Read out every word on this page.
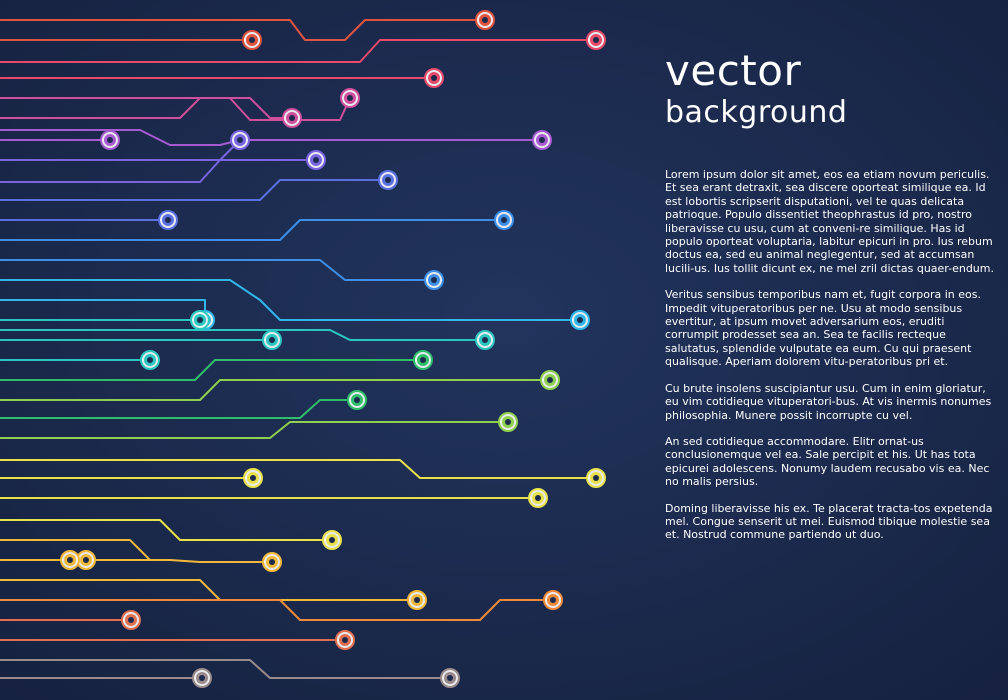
vector
background

Lorem ipsum dolor sit amet, eos ea etiam novum periculis. Et sea erant detraxit, sea discere oporteat similique ea. Id est lobortis scripserit disputationi, vel te quas delicata patrioque. Populo dissentiet theophrastus id pro, nostro liberavisse cu usu, cum at conveni-re similique. Has id populo oporteat voluptaria, labitur epicuri in pro. Ius rebum doctus ea, sed eu animal neglegentur, sed at accumsan lucili-us. Ius tollit dicunt ex, ne mel zril dictas quaer-endum.

Veritus sensibus temporibus nam et, fugit corpora in eos. Impedit vituperatoribus per ne. Usu at modo sensibus evertitur, at ipsum movet adversarium eos, eruditi corrumpit prodesset sea an. Sea te facilis recteque salutatus, splendide vulputate ea eum. Cu qui praesent qualisque. Aperiam dolorem vitu-peratoribus pri et.

Cu brute insolens suscipiantur usu. Cum in enim gloriatur, eu vim cotidieque vituperatori-bus. At vis inermis nonumes philosophia. Munere possit incorrupte cu vel.

An sed cotidieque accommodare. Elitr ornat-us conclusionemque vel ea. Sale percipit et his. Ut has tota epicurei adolescens. Nonumy laudem recusabo vis ea. Nec no malis persius.

Doming liberavisse his ex. Te placerat tracta-tos expetenda mel. Congue senserit ut mei. Euismod tibique molestie sea et. Nostrud commune partiendo ut duo.
